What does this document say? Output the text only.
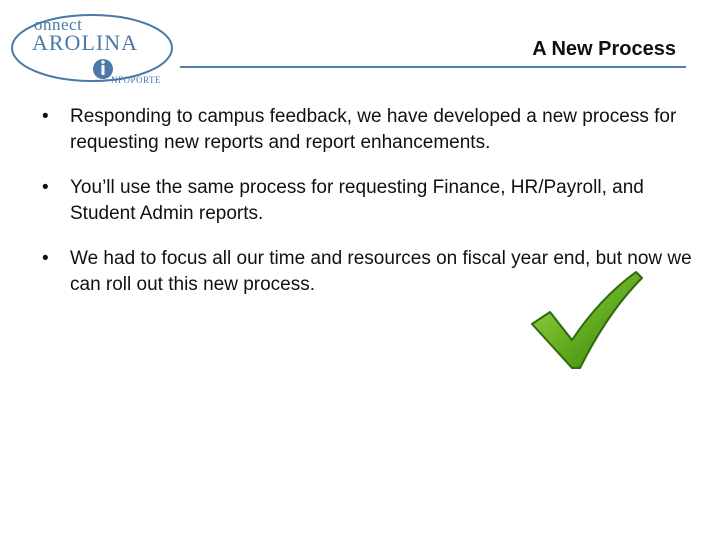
onnect
AROLINA
NFOPORTE
A New Process
• Responding to campus feedback, we have developed a new process for requesting new reports and report enhancements.
• You’ll use the same process for requesting Finance, HR/Payroll, and Student Admin reports.
• We had to focus all our time and resources on fiscal year end, but now we can roll out this new process.
